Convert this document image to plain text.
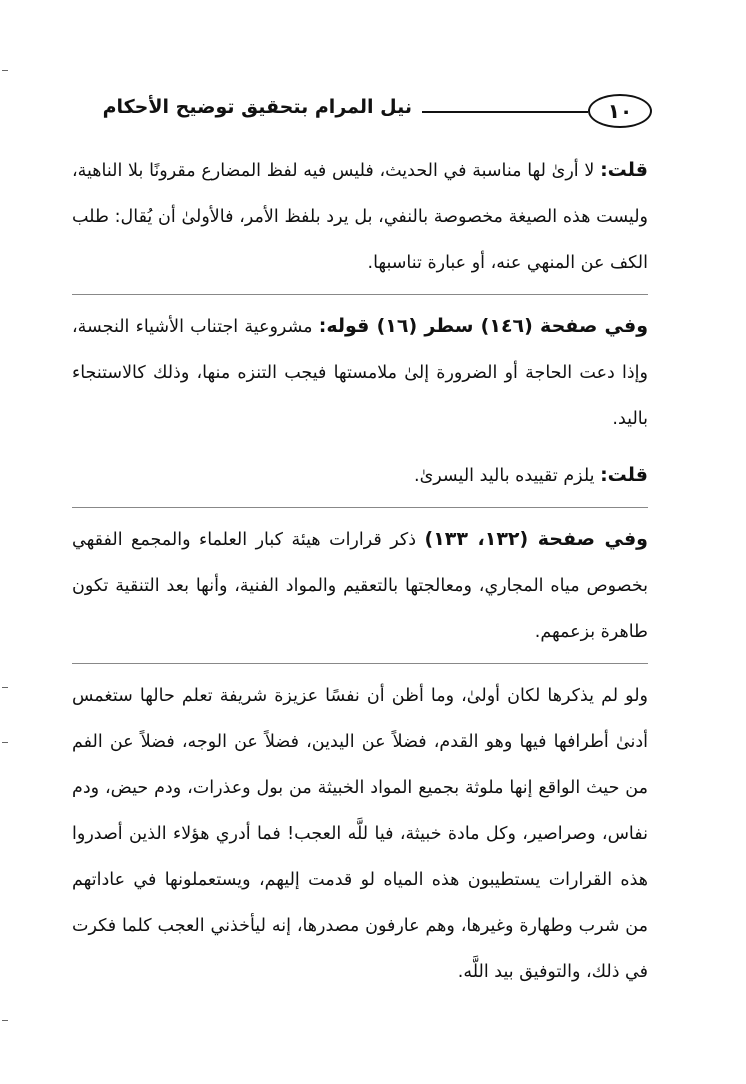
١٠
نيل المرام بتحقيق توضيح الأحكام

قلت: لا أرىٰ لها مناسبة في الحديث، فليس فيه لفظ المضارع مقرونًا بلا الناهية، وليست هذه الصيغة مخصوصة بالنفي، بل يرد بلفظ الأمر، فالأولىٰ أن يُقال: طلب الكف عن المنهي عنه، أو عبارة تناسبها.

وفي صفحة (١٤٦) سطر (١٦) قوله: مشروعية اجتناب الأشياء النجسة، وإذا دعت الحاجة أو الضرورة إلىٰ ملامستها فيجب التنزه منها، وذلك كالاستنجاء باليد.

قلت: يلزم تقييده باليد اليسرىٰ.

وفي صفحة (١٣٢، ١٣٣) ذكر قرارات هيئة كبار العلماء والمجمع الفقهي بخصوص مياه المجاري، ومعالجتها بالتعقيم والمواد الفنية، وأنها بعد التنقية تكون طاهرة بزعمهم.

ولو لم يذكرها لكان أولىٰ، وما أظن أن نفسًا عزيزة شريفة تعلم حالها ستغمس أدنىٰ أطرافها فيها وهو القدم، فضلاً عن اليدين، فضلاً عن الوجه، فضلاً عن الفم من حيث الواقع إنها ملوثة بجميع المواد الخبيثة من بول وعذرات، ودم حيض، ودم نفاس، وصراصير، وكل مادة خبيثة، فيا للَّه العجب! فما أدري هؤلاء الذين أصدروا هذه القرارات يستطيبون هذه المياه لو قدمت إليهم، ويستعملونها في عاداتهم من شرب وطهارة وغيرها، وهم عارفون مصدرها، إنه ليأخذني العجب كلما فكرت في ذلك، والتوفيق بيد اللَّه.
